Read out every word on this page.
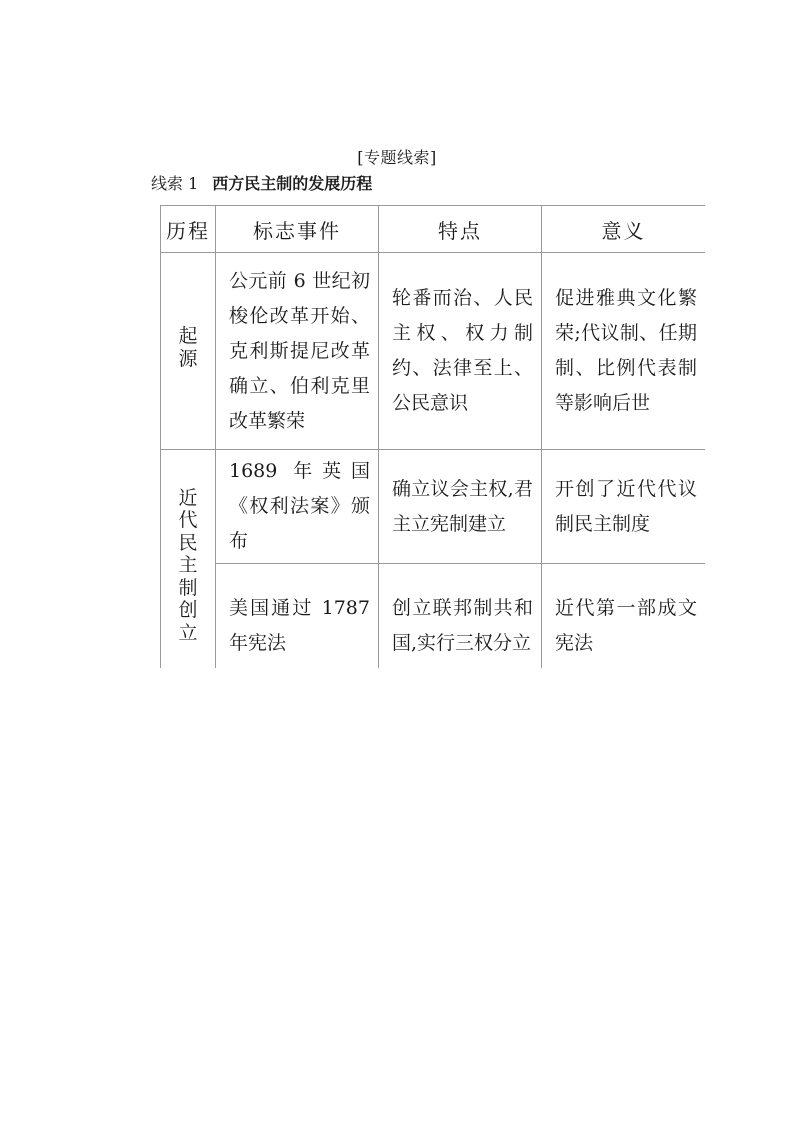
[专题线索]
线索 1 西方民主制的发展历程
历程	标志事件	特点	意义
起源	公元前 6 世纪初梭伦改革开始、克利斯提尼改革确立、伯利克里改革繁荣	轮番而治、人民主权、权力制约、法律至上、公民意识	促进雅典文化繁荣;代议制、任期制、比例代表制等影响后世
近代民主制创立	1689 年英国《权利法案》颁布	确立议会主权,君主立宪制建立	开创了近代代议制民主制度
	美国通过 1787 年宪法	创立联邦制共和国,实行三权分立	近代第一部成文宪法
